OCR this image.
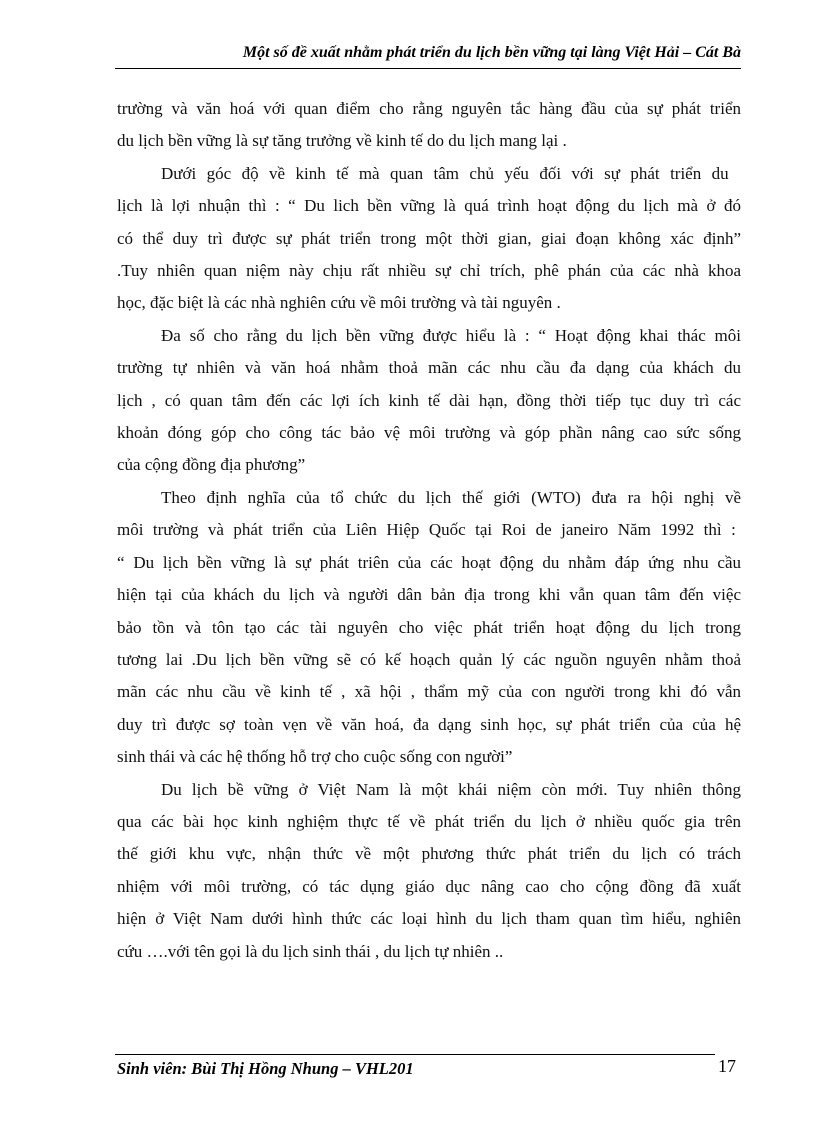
Một số đề xuất nhằm phát triển du lịch bền vững tại làng Việt Hải – Cát Bà

trường và văn hoá với quan điểm cho rằng nguyên tắc hàng đầu của sự phát triển
du lịch bền vững là sự tăng trưởng về kinh tế do du lịch mang lại .

Dưới góc độ về kinh tế mà quan tâm chủ yếu đối với sự phát triển du
lịch là lợi nhuận thì : “ Du lich bền vững là quá trình hoạt động du lịch mà ở đó
có thể duy trì được sự phát triển trong một thời gian, giai đoạn không xác định”
.Tuy nhiên quan niệm này chịu rất nhiều sự chỉ trích, phê phán của các nhà khoa
học, đặc biệt là các nhà nghiên cứu về môi trường và tài nguyên .

Đa số cho rằng du lịch bền vững được hiểu là : “ Hoạt động khai thác môi
trường tự nhiên và văn hoá nhằm thoả mãn các nhu cầu đa dạng của khách du
lịch , có quan tâm đến các lợi ích kinh tế dài hạn, đồng thời tiếp tục duy trì các
khoản đóng góp cho công tác bảo vệ môi trường và góp phần nâng cao sức sống
của cộng đồng địa phương”

Theo định nghĩa của tổ chức du lịch thế giới (WTO) đưa ra hội nghị về
môi trường và phát triển của Liên Hiệp Quốc tại Roi de janeiro Năm 1992 thì :
“ Du lịch bền vững là sự phát triên của các hoạt động du nhằm đáp ứng nhu cầu
hiện tại của khách du lịch và người dân bản địa trong khi vẫn quan tâm đến việc
bảo tồn và tôn tạo các tài nguyên cho việc phát triển hoạt động du lịch trong
tương lai .Du lịch bền vững sẽ có kế hoạch quản lý các nguồn nguyên nhằm thoả
mãn các nhu cầu về kinh tế , xã hội , thẩm mỹ của con người trong khi đó vẫn
duy trì được sợ toàn vẹn về văn hoá, đa dạng sinh học, sự phát triển của của hệ
sinh thái và các hệ thống hỗ trợ cho cuộc sống con người”

Du lịch bề vững ở Việt Nam là một khái niệm còn mới. Tuy nhiên thông
qua các bài học kinh nghiệm thực tế về phát triển du lịch ở nhiều quốc gia trên
thế giới khu vực, nhận thức về một phương thức phát triển du lịch có trách
nhiệm với môi trường, có tác dụng giáo dục nâng cao cho cộng đồng đã xuất
hiện ở Việt Nam dưới hình thức các loại hình du lịch tham quan tìm hiểu, nghiên
cứu ….với tên gọi là du lịch sinh thái , du lịch tự nhiên ..

Sinh viên: Bùi Thị Hồng Nhung – VHL201	17
